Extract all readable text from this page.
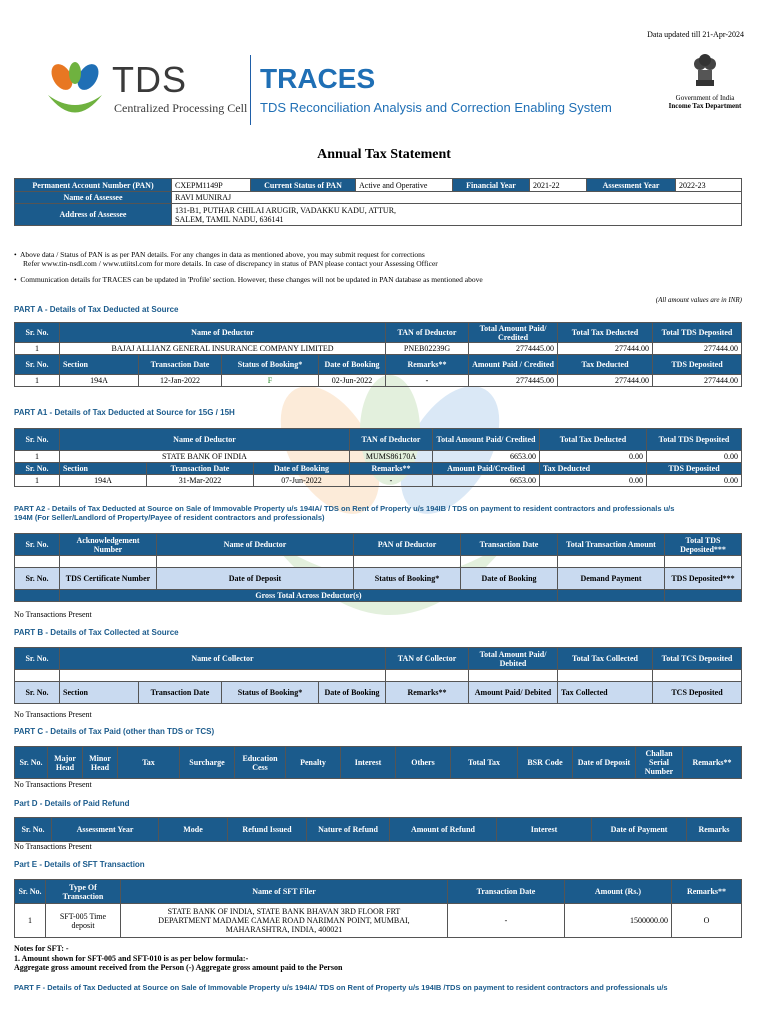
Data updated till 21-Apr-2024
TDS
Centralized Processing Cell
TRACES
TDS Reconciliation Analysis and Correction Enabling System
Government of India
Income Tax Department
Annual Tax Statement
Permanent Account Number (PAN)	CXEPM1149P	Current Status of PAN	Active and Operative	Financial Year	2021-22	Assessment Year	2022-23
Name of Assessee	RAVI MUNIRAJ						
Address of Assessee	131-B1, PUTHAR CHILAI ARUGIR, VADAKKU KADU, ATTUR,
SALEM, TAMIL NADU, 636141						
•  Above data / Status of PAN is as per PAN details. For any changes in data as mentioned above, you may submit request for corrections
Refer www.tin-nsdl.com / www.utiitsl.com for more details. In case of discrepancy in status of PAN please contact your Assessing Officer
•  Communication details for TRACES can be updated in 'Profile' section. However, these changes will not be updated in PAN database as mentioned above
(All amount values are in INR)
PART A - Details of Tax Deducted at Source
Sr. No.	Name of Deductor				TAN of Deductor	Total Amount Paid/ Credited	Total Tax Deducted	Total TDS Deposited
1	BAJAJ ALLIANZ GENERAL INSURANCE COMPANY LIMITED				PNEB02239G	2774445.00	277444.00	277444.00
Sr. No.	Section	Transaction Date	Status of Booking*	Date of Booking	Remarks**	Amount Paid / Credited	Tax Deducted	TDS Deposited
1	194A	12-Jan-2022	F	02-Jun-2022	-	2774445.00	277444.00	277444.00
PART A1 - Details of Tax Deducted at Source for 15G / 15H
Sr. No.	Name of Deductor			TAN of Deductor	Total Amount Paid/ Credited	Total Tax Deducted	Total TDS Deposited
1	STATE BANK OF INDIA			MUMS86170A	6653.00	0.00	0.00
Sr. No.	Section	Transaction Date	Date of Booking	Remarks**	Amount Paid/Credited	Tax Deducted	TDS Deposited
1	194A	31-Mar-2022	07-Jun-2022	-	6653.00	0.00	0.00
PART A2 - Details of Tax Deducted at Source on Sale of Immovable Property u/s 194IA/ TDS on Rent of Property u/s 194IB / TDS on payment to resident contractors and professionals u/s
194M (For Seller/Landlord of Property/Payee of resident contractors and professionals)
Sr. No.	Acknowledgement Number	Name of Deductor	PAN of Deductor	Transaction Date	Total Transaction Amount	Total TDS Deposited***

Sr. No.	TDS Certificate Number	Date of Deposit	Status of Booking*	Date of Booking	Demand Payment	TDS Deposited***
	Gross Total Across Deductor(s)					
No Transactions Present
PART B - Details of Tax Collected at Source
Sr. No.	Name of Collector				TAN of Collector	Total Amount Paid/ Debited	Total Tax Collected	Total TCS Deposited

Sr. No.	Section	Transaction Date	Status of Booking*	Date of Booking	Remarks**	Amount Paid/ Debited	Tax Collected	TCS Deposited
No Transactions Present
PART C - Details of Tax Paid (other than TDS or TCS)
Sr. No.	Major Head	Minor Head	Tax	Surcharge	Education Cess	Penalty	Interest	Others	Total Tax	BSR Code	Date of Deposit	Challan Serial Number	Remarks**
No Transactions Present
Part D - Details of Paid Refund
Sr. No.	Assessment Year	Mode	Refund Issued	Nature of Refund	Amount of Refund	Interest	Date of Payment	Remarks
No Transactions Present
Part E - Details of SFT Transaction
Sr. No.	Type Of Transaction	Name of SFT Filer	Transaction Date	Amount (Rs.)	Remarks**
1	SFT-005 Time deposit	STATE BANK OF INDIA, STATE BANK BHAVAN 3RD FLOOR FRT DEPARTMENT MADAME CAMAE ROAD NARIMAN POINT, MUMBAI, MAHARASHTRA, INDIA, 400021	-	1500000.00	O
Notes for SFT: -
1. Amount shown for SFT-005 and SFT-010 is as per below formula:-
Aggregate gross amount received from the Person (-) Aggregate gross amount paid to the Person
PART F - Details of Tax Deducted at Source on Sale of Immovable Property u/s 194IA/ TDS on Rent of Property u/s 194IB /TDS on payment to resident contractors and professionals u/s
